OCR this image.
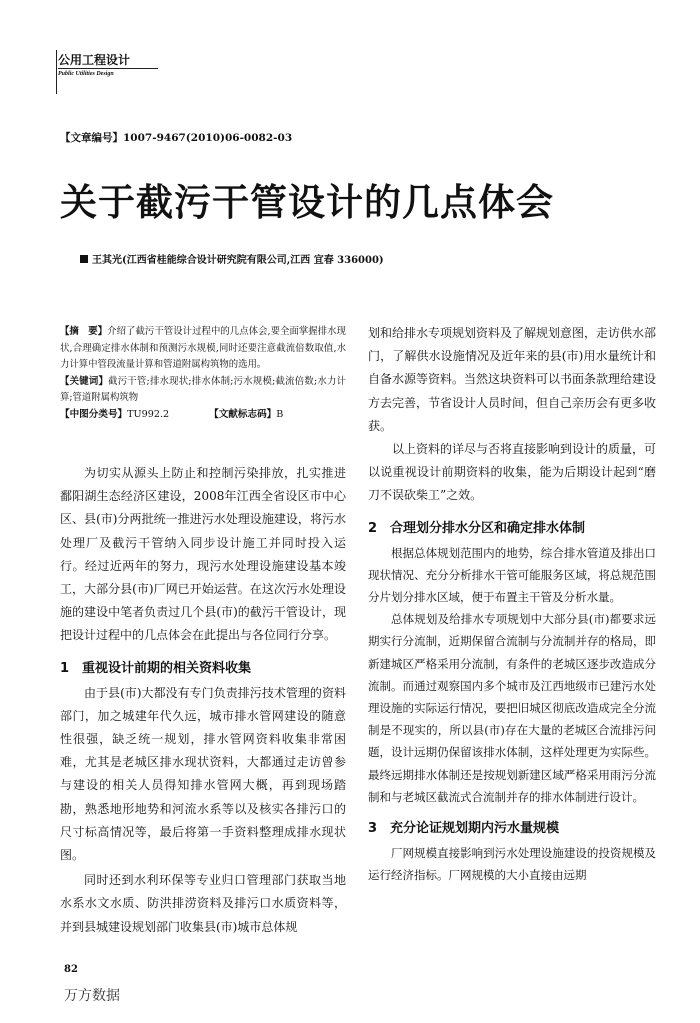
公用工程设计
Public Utilities Design
【文章编号】1007-9467(2010)06-0082-03
关于截污干管设计的几点体会
王其光(江西省桂能综合设计研究院有限公司,江西 宜春 336000)
【摘　要】介绍了截污干管设计过程中的几点体会,要全面掌握排水现状,合理确定排水体制和预测污水规模,同时还要注意截流倍数取值,水力计算中管段流量计算和管道附属构筑物的选用。
【关键词】截污干管;排水现状;排水体制;污水规模;截流倍数;水力计算;管道附属构筑物
【中图分类号】TU992.2	【文献标志码】B

为切实从源头上防止和控制污染排放，扎实推进鄱阳湖生态经济区建设，2008年江西全省设区市中心区、县(市)分两批统一推进污水处理设施建设，将污水处理厂及截污干管纳入同步设计施工并同时投入运行。经过近两年的努力，现污水处理设施建设基本竣工，大部分县(市)厂网已开始运营。在这次污水处理设施的建设中笔者负责过几个县(市)的截污干管设计，现把设计过程中的几点体会在此提出与各位同行分享。

1　重视设计前期的相关资料收集

由于县(市)大都没有专门负责排污技术管理的资料部门，加之城建年代久远，城市排水管网建设的随意性很强，缺乏统一规划，排水管网资料收集非常困难，尤其是老城区排水现状资料，大都通过走访曾参与建设的相关人员得知排水管网大概，再到现场踏勘，熟悉地形地势和河流水系等以及核实各排污口的尺寸标高情况等，最后将第一手资料整理成排水现状图。

同时还到水利环保等专业归口管理部门获取当地水系水文水质、防洪排涝资料及排污口水质资料等，并到县城建设规划部门收集县(市)城市总体规

划和给排水专项规划资料及了解规划意图，走访供水部门，了解供水设施情况及近年来的县(市)用水量统计和自备水源等资料。当然这块资料可以书面条款理给建设方去完善，节省设计人员时间，但自己亲历会有更多收获。

以上资料的详尽与否将直接影响到设计的质量，可以说重视设计前期资料的收集，能为后期设计起到“磨刀不误砍柴工”之效。

2　合理划分排水分区和确定排水体制

根据总体规划范围内的地势，综合排水管道及排出口现状情况、充分分析排水干管可能服务区域，将总规范围分片划分排水区域，便于布置主干管及分析水量。

总体规划及给排水专项规划中大部分县(市)都要求远期实行分流制，近期保留合流制与分流制并存的格局，即新建城区严格采用分流制，有条件的老城区逐步改造成分流制。而通过观察国内多个城市及江西地级市已建污水处理设施的实际运行情况，要把旧城区彻底改造成完全分流制是不现实的，所以县(市)存在大量的老城区合流排污问题，设计远期仍保留该排水体制，这样处理更为实际些。最终远期排水体制还是按规划新建区域严格采用雨污分流制和与老城区截流式合流制并存的排水体制进行设计。

3　充分论证规划期内污水量规模

厂网规模直接影响到污水处理设施建设的投资规模及运行经济指标。厂网规模的大小直接由远期

82
万方数据
